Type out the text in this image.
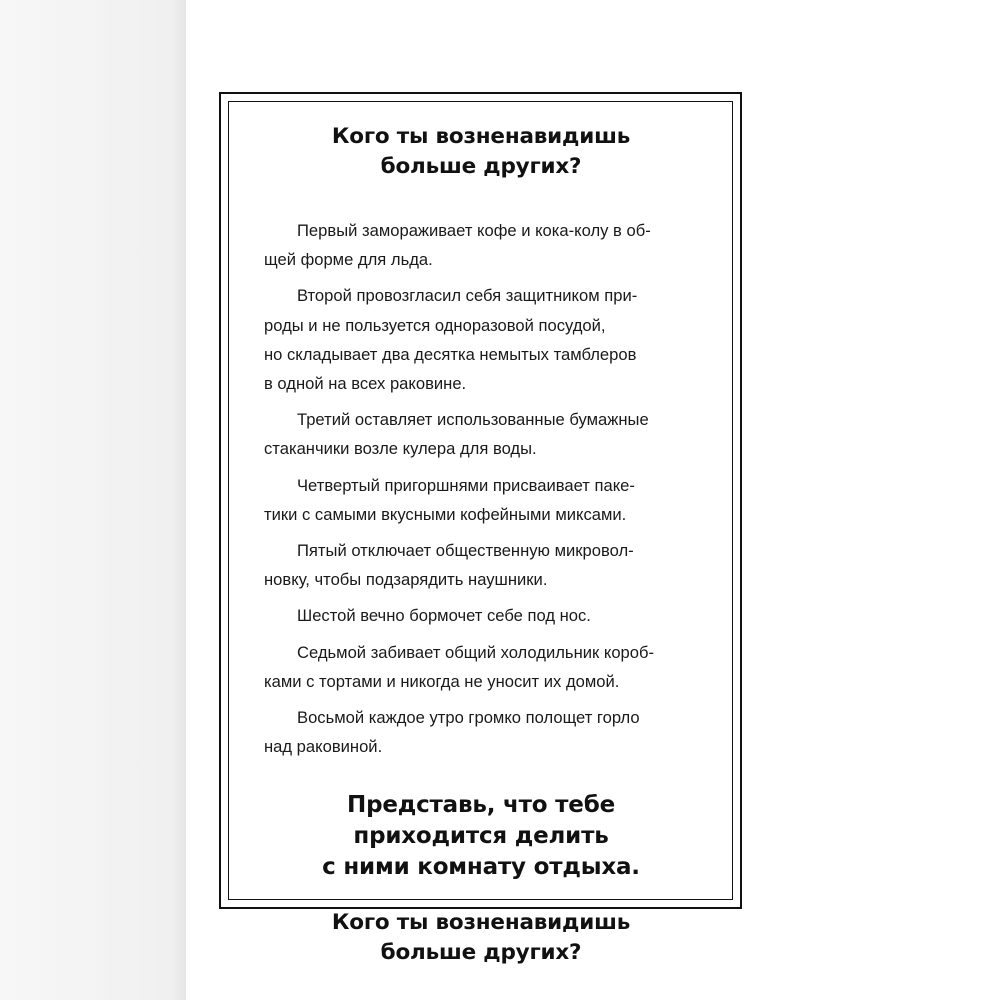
Кого ты возненавидишь
больше других?

Первый замораживает кофе и кока-колу в об-
щей форме для льда.

Второй провозгласил себя защитником при-
роды и не пользуется одноразовой посудой,
но складывает два десятка немытых тамблеров
в одной на всех раковине.

Третий оставляет использованные бумажные
стаканчики возле кулера для воды.

Четвертый пригоршнями присваивает паке-
тики с самыми вкусными кофейными миксами.

Пятый отключает общественную микровол-
новку, чтобы подзарядить наушники.

Шестой вечно бормочет себе под нос.

Седьмой забивает общий холодильник короб-
ками с тортами и никогда не уносит их домой.

Восьмой каждое утро громко полощет горло
над раковиной.

Представь, что тебе
приходится делить
с ними комнату отдыха.
Кого ты возненавидишь
больше других?
